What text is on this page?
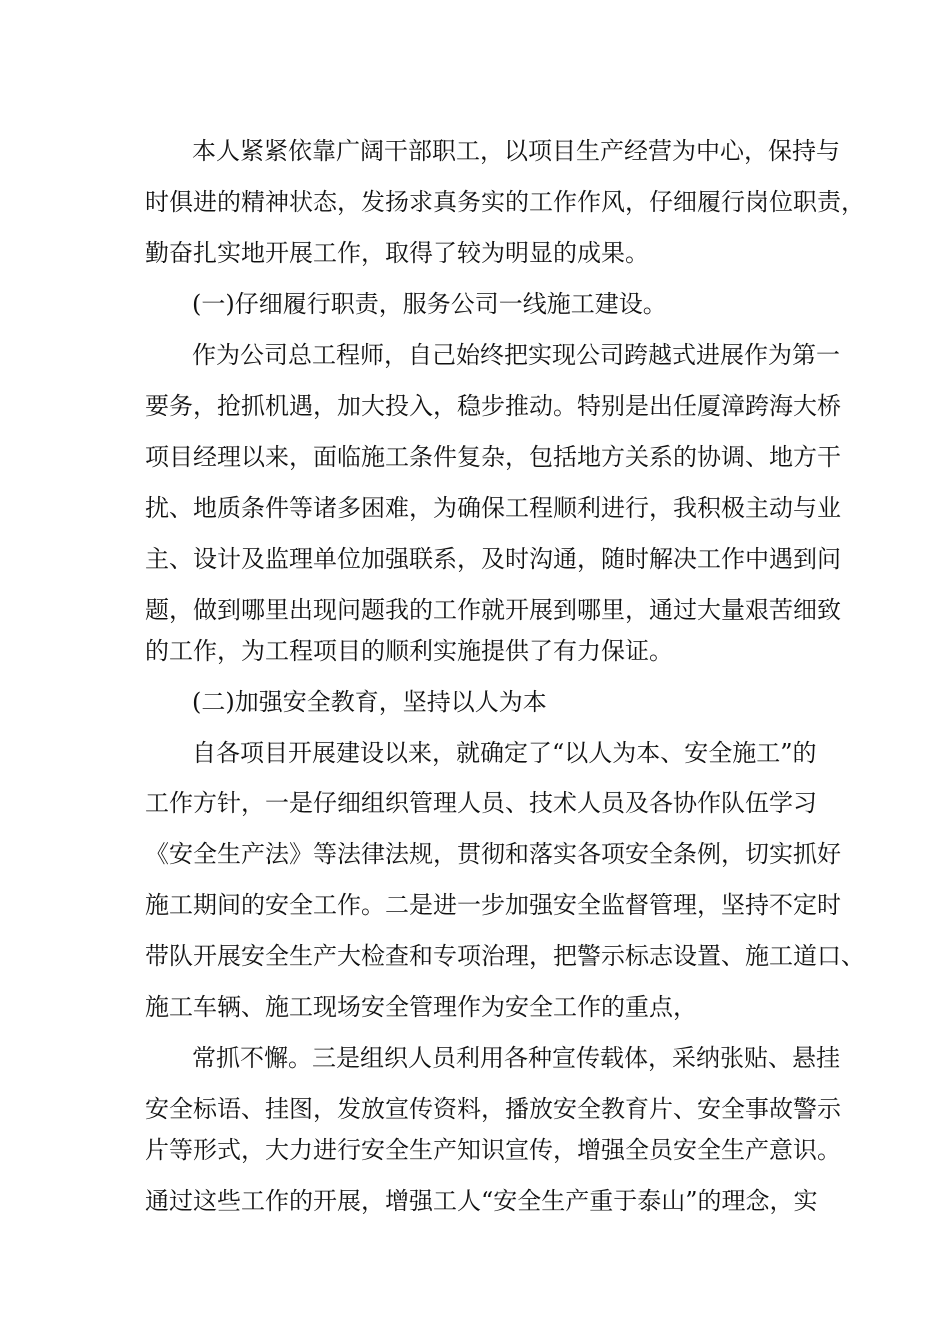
本人紧紧依靠广阔干部职工，以项目生产经营为中心，保持与
时俱进的精神状态，发扬求真务实的工作作风，仔细履行岗位职责，
勤奋扎实地开展工作，取得了较为明显的成果。
(一)仔细履行职责，服务公司一线施工建设。
作为公司总工程师，自己始终把实现公司跨越式进展作为第一
要务，抢抓机遇，加大投入，稳步推动。特别是出任厦漳跨海大桥
项目经理以来，面临施工条件复杂，包括地方关系的协调、地方干
扰、地质条件等诸多困难，为确保工程顺利进行，我积极主动与业
主、设计及监理单位加强联系，及时沟通，随时解决工作中遇到问
题，做到哪里出现问题我的工作就开展到哪里，通过大量艰苦细致
的工作，为工程项目的顺利实施提供了有力保证。
(二)加强安全教育，坚持以人为本
自各项目开展建设以来，就确定了“以人为本、安全施工”的
工作方针，一是仔细组织管理人员、技术人员及各协作队伍学习
《安全生产法》等法律法规，贯彻和落实各项安全条例，切实抓好
施工期间的安全工作。二是进一步加强安全监督管理，坚持不定时
带队开展安全生产大检查和专项治理，把警示标志设置、施工道口、
施工车辆、施工现场安全管理作为安全工作的重点，
常抓不懈。三是组织人员利用各种宣传载体，采纳张贴、悬挂
安全标语、挂图，发放宣传资料，播放安全教育片、安全事故警示
片等形式，大力进行安全生产知识宣传，增强全员安全生产意识。
通过这些工作的开展，增强工人“安全生产重于泰山”的理念，实
